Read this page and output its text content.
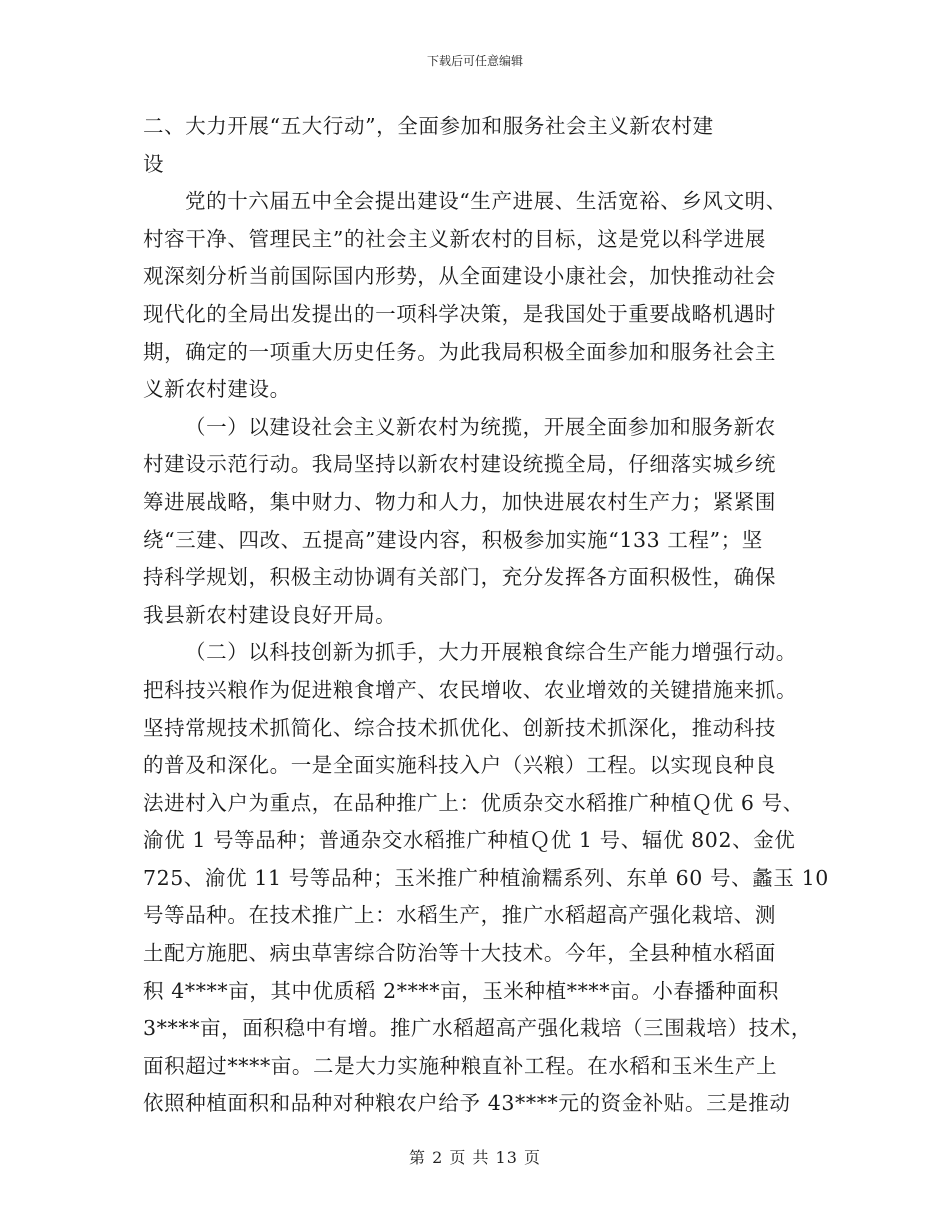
下载后可任意编辑
二、大力开展“五大行动”，全面参加和服务社会主义新农村建
设
党的十六届五中全会提出建设“生产进展、生活宽裕、乡风文明、
村容干净、管理民主”的社会主义新农村的目标，这是党以科学进展
观深刻分析当前国际国内形势，从全面建设小康社会，加快推动社会
现代化的全局出发提出的一项科学决策，是我国处于重要战略机遇时
期，确定的一项重大历史任务。为此我局积极全面参加和服务社会主
义新农村建设。
（一）以建设社会主义新农村为统揽，开展全面参加和服务新农
村建设示范行动。我局坚持以新农村建设统揽全局，仔细落实城乡统
筹进展战略，集中财力、物力和人力，加快进展农村生产力；紧紧围
绕“三建、四改、五提高”建设内容，积极参加实施“133 工程”；坚
持科学规划，积极主动协调有关部门，充分发挥各方面积极性，确保
我县新农村建设良好开局。
（二）以科技创新为抓手，大力开展粮食综合生产能力增强行动。
把科技兴粮作为促进粮食增产、农民增收、农业增效的关键措施来抓。
坚持常规技术抓简化、综合技术抓优化、创新技术抓深化，推动科技
的普及和深化。一是全面实施科技入户（兴粮）工程。以实现良种良
法进村入户为重点，在品种推广上：优质杂交水稻推广种植Ｑ优 6 号、
渝优 1 号等品种；普通杂交水稻推广种植Ｑ优 1 号、辐优 802、金优
725、渝优 11 号等品种；玉米推广种植渝糯系列、东单 60 号、蠡玉 10
号等品种。在技术推广上：水稻生产，推广水稻超高产强化栽培、测
土配方施肥、病虫草害综合防治等十大技术。今年，全县种植水稻面
积 4****亩，其中优质稻 2****亩，玉米种植****亩。小春播种面积
3****亩，面积稳中有增。推广水稻超高产强化栽培（三围栽培）技术，
面积超过****亩。二是大力实施种粮直补工程。在水稻和玉米生产上
依照种植面积和品种对种粮农户给予 43****元的资金补贴。三是推动
第 2 页 共 13 页
